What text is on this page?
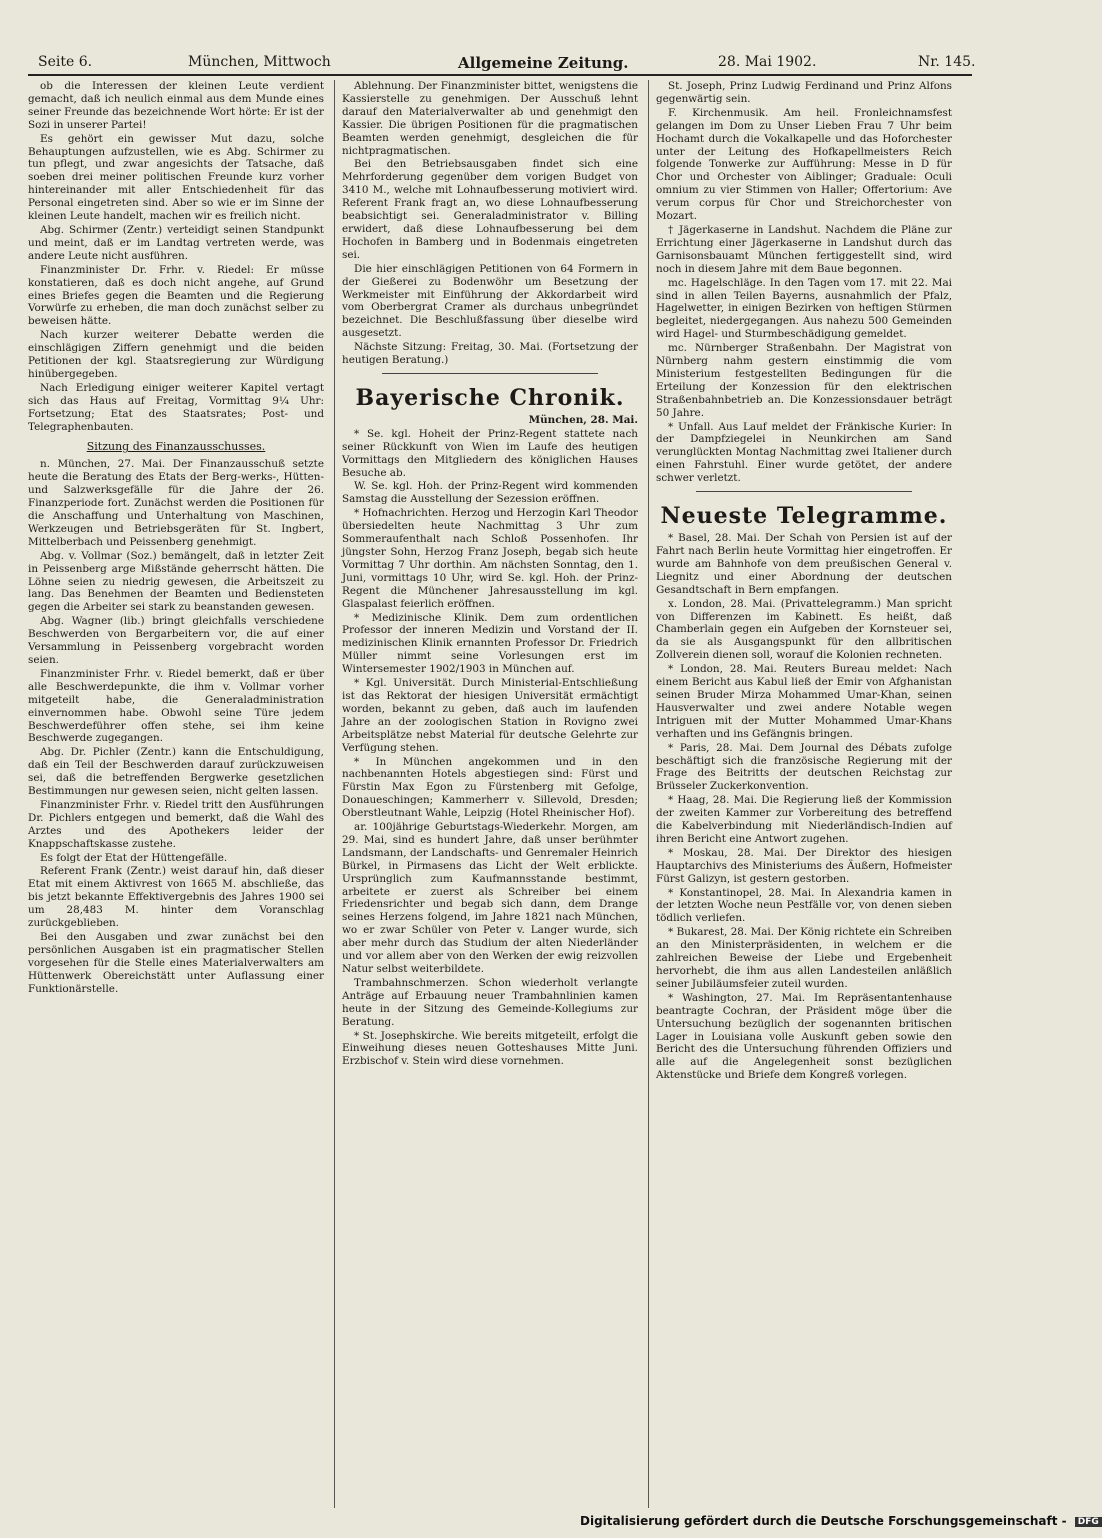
Seite 6.	München, Mittwoch	Allgemeine Zeitung.	28. Mai 1902.	Nr. 145.

ob die Interessen der kleinen Leute verdient gemacht, daß ich neulich einmal aus dem Munde eines seiner Freunde das bezeichnende Wort hörte: Er ist der Sozi in unserer Partei!

Es gehört ein gewisser Mut dazu, solche Behauptungen aufzustellen, wie es Abg. Schirmer zu tun pflegt, und zwar angesichts der Tatsache, daß soeben drei meiner politischen Freunde kurz vorher hintereinander mit aller Entschiedenheit für das Personal eingetreten sind. Aber so wie er im Sinne der kleinen Leute handelt, machen wir es freilich nicht.

Abg. Schirmer (Zentr.) verteidigt seinen Standpunkt und meint, daß er im Landtag vertreten werde, was andere Leute nicht ausführen.

Finanzminister Dr. Frhr. v. Riedel: Er müsse konstatieren, daß es doch nicht angehe, auf Grund eines Briefes gegen die Beamten und die Regierung Vorwürfe zu erheben, die man doch zunächst selber zu beweisen hätte.

Nach kurzer weiterer Debatte werden die einschlägigen Ziffern genehmigt und die beiden Petitionen der kgl. Staatsregierung zur Würdigung hinübergegeben.

Nach Erledigung einiger weiterer Kapitel vertagt sich das Haus auf Freitag, Vormittag 9¼ Uhr: Fortsetzung; Etat des Staatsrates; Post- und Telegraphenbauten.

Sitzung des Finanzausschusses.

n. München, 27. Mai. Der Finanzausschuß setzte heute die Beratung des Etats der Berg-werks-, Hütten- und Salzwerksgefälle für die Jahre der 26. Finanzperiode fort. Zunächst werden die Positionen für die Anschaffung und Unterhaltung von Maschinen, Werkzeugen und Betriebsgeräten für St. Ingbert, Mittelberbach und Peissenberg genehmigt.

Abg. v. Vollmar (Soz.) bemängelt, daß in letzter Zeit in Peissenberg arge Mißstände geherrscht hätten. Die Löhne seien zu niedrig gewesen, die Arbeitszeit zu lang. Das Benehmen der Beamten und Bediensteten gegen die Arbeiter sei stark zu beanstanden gewesen.

Abg. Wagner (lib.) bringt gleichfalls verschiedene Beschwerden von Bergarbeitern vor, die auf einer Versammlung in Peissenberg vorgebracht worden seien.

Finanzminister Frhr. v. Riedel bemerkt, daß er über alle Beschwerdepunkte, die ihm v. Vollmar vorher mitgeteilt habe, die Generaladministration einvernommen habe. Obwohl seine Türe jedem Beschwerdeführer offen stehe, sei ihm keine Beschwerde zugegangen.

Abg. Dr. Pichler (Zentr.) kann die Entschuldigung, daß ein Teil der Beschwerden darauf zurückzuweisen sei, daß die betreffenden Bergwerke gesetzlichen Bestimmungen nur gewesen seien, nicht gelten lassen.

Finanzminister Frhr. v. Riedel tritt den Ausführungen Dr. Pichlers entgegen und bemerkt, daß die Wahl des Arztes und des Apothekers leider der Knappschaftskasse zustehe.

Es folgt der Etat der Hüttengefälle.

Referent Frank (Zentr.) weist darauf hin, daß dieser Etat mit einem Aktivrest von 1665 M. abschließe, das bis jetzt bekannte Effektivergebnis des Jahres 1900 sei um 28,483 M. hinter dem Voranschlag zurückgeblieben.

Bei den Ausgaben und zwar zunächst bei den persönlichen Ausgaben ist ein pragmatischer Stellen vorgesehen für die Stelle eines Materialverwalters am Hüttenwerk Obereichstätt unter Auflassung einer Funktionärstelle.

Ablehnung. Der Finanzminister bittet, wenigstens die Kassierstelle zu genehmigen. Der Ausschuß lehnt darauf den Materialverwalter ab und genehmigt den Kassier. Die übrigen Positionen für die pragmatischen Beamten werden genehmigt, desgleichen die für nichtpragmatischen.

Bei den Betriebsausgaben findet sich eine Mehrforderung gegenüber dem vorigen Budget von 3410 M., welche mit Lohnaufbesserung motiviert wird. Referent Frank fragt an, wo diese Lohnaufbesserung beabsichtigt sei. Generaladministrator v. Billing erwidert, daß diese Lohnaufbesserung bei dem Hochofen in Bamberg und in Bodenmais eingetreten sei.

Die hier einschlägigen Petitionen von 64 Formern in der Gießerei zu Bodenwöhr um Besetzung der Werkmeister mit Einführung der Akkordarbeit wird vom Oberbergrat Cramer als durchaus unbegründet bezeichnet. Die Beschlußfassung über dieselbe wird ausgesetzt.

Nächste Sitzung: Freitag, 30. Mai. (Fortsetzung der heutigen Beratung.)

Bayerische Chronik.

München, 28. Mai.

* Se. kgl. Hoheit der Prinz-Regent stattete nach seiner Rückkunft von Wien im Laufe des heutigen Vormittags den Mitgliedern des königlichen Hauses Besuche ab.

W. Se. kgl. Hoh. der Prinz-Regent wird kommenden Samstag die Ausstellung der Sezession eröffnen.

* Hofnachrichten. Herzog und Herzogin Karl Theodor übersiedelten heute Nachmittag 3 Uhr zum Sommeraufenthalt nach Schloß Possenhofen. Ihr jüngster Sohn, Herzog Franz Joseph, begab sich heute Vormittag 7 Uhr dorthin. Am nächsten Sonntag, den 1. Juni, vormittags 10 Uhr, wird Se. kgl. Hoh. der Prinz-Regent die Münchener Jahresausstellung im kgl. Glaspalast feierlich eröffnen.

* Medizinische Klinik. Dem zum ordentlichen Professor der inneren Medizin und Vorstand der II. medizinischen Klinik ernannten Professor Dr. Friedrich Müller nimmt seine Vorlesungen erst im Wintersemester 1902/1903 in München auf.

* Kgl. Universität. Durch Ministerial-Entschließung ist das Rektorat der hiesigen Universität ermächtigt worden, bekannt zu geben, daß auch im laufenden Jahre an der zoologischen Station in Rovigno zwei Arbeitsplätze nebst Material für deutsche Gelehrte zur Verfügung stehen.

* In München angekommen und in den nachbenannten Hotels abgestiegen sind: Fürst und Fürstin Max Egon zu Fürstenberg mit Gefolge, Donaueschingen; Kammerherr v. Sillevold, Dresden; Oberstleutnant Wahle, Leipzig (Hotel Rheinischer Hof).

ar. 100jährige Geburtstags-Wiederkehr. Morgen, am 29. Mai, sind es hundert Jahre, daß unser berühmter Landsmann, der Landschafts- und Genremaler Heinrich Bürkel, in Pirmasens das Licht der Welt erblickte. Ursprünglich zum Kaufmannsstande bestimmt, arbeitete er zuerst als Schreiber bei einem Friedensrichter und begab sich dann, dem Drange seines Herzens folgend, im Jahre 1821 nach München, wo er zwar Schüler von Peter v. Langer wurde, sich aber mehr durch das Studium der alten Niederländer und vor allem aber von den Werken der ewig reizvollen Natur selbst weiterbildete.

Trambahnschmerzen. Schon wiederholt verlangte Anträge auf Erbauung neuer Trambahnlinien kamen heute in der Sitzung des Gemeinde-Kollegiums zur Beratung.

* St. Josephskirche. Wie bereits mitgeteilt, erfolgt die Einweihung dieses neuen Gotteshauses Mitte Juni. Erzbischof v. Stein wird diese vornehmen.

St. Joseph, Prinz Ludwig Ferdinand und Prinz Alfons gegenwärtig sein.

F. Kirchenmusik. Am heil. Fronleichnamsfest gelangen im Dom zu Unser Lieben Frau 7 Uhr beim Hochamt durch die Vokalkapelle und das Hoforchester unter der Leitung des Hofkapellmeisters Reich folgende Tonwerke zur Aufführung: Messe in D für Chor und Orchester von Aiblinger; Graduale: Oculi omnium zu vier Stimmen von Haller; Offertorium: Ave verum corpus für Chor und Streichorchester von Mozart.

† Jägerkaserne in Landshut. Nachdem die Pläne zur Errichtung einer Jägerkaserne in Landshut durch das Garnisonsbauamt München fertiggestellt sind, wird noch in diesem Jahre mit dem Baue begonnen.

mc. Hagelschläge. In den Tagen vom 17. mit 22. Mai sind in allen Teilen Bayerns, ausnahmlich der Pfalz, Hagelwetter, in einigen Bezirken von heftigen Stürmen begleitet, niedergegangen. Aus nahezu 500 Gemeinden wird Hagel- und Sturmbeschädigung gemeldet.

mc. Nürnberger Straßenbahn. Der Magistrat von Nürnberg nahm gestern einstimmig die vom Ministerium festgestellten Bedingungen für die Erteilung der Konzession für den elektrischen Straßenbahnbetrieb an. Die Konzessionsdauer beträgt 50 Jahre.

* Unfall. Aus Lauf meldet der Fränkische Kurier: In der Dampfziegelei in Neunkirchen am Sand verunglückten Montag Nachmittag zwei Italiener durch einen Fahrstuhl. Einer wurde getötet, der andere schwer verletzt.

Neueste Telegramme.

* Basel, 28. Mai. Der Schah von Persien ist auf der Fahrt nach Berlin heute Vormittag hier eingetroffen. Er wurde am Bahnhofe von dem preußischen General v. Liegnitz und einer Abordnung der deutschen Gesandtschaft in Bern empfangen.

x. London, 28. Mai. (Privattelegramm.) Man spricht von Differenzen im Kabinett. Es heißt, daß Chamberlain gegen ein Aufgeben der Kornsteuer sei, da sie als Ausgangspunkt für den allbritischen Zollverein dienen soll, worauf die Kolonien rechneten.

* London, 28. Mai. Reuters Bureau meldet: Nach einem Bericht aus Kabul ließ der Emir von Afghanistan seinen Bruder Mirza Mohammed Umar-Khan, seinen Hausverwalter und zwei andere Notable wegen Intriguen mit der Mutter Mohammed Umar-Khans verhaften und ins Gefängnis bringen.

* Paris, 28. Mai. Dem Journal des Débats zufolge beschäftigt sich die französische Regierung mit der Frage des Beitritts der deutschen Reichstag zur Brüsseler Zuckerkonvention.

* Haag, 28. Mai. Die Regierung ließ der Kommission der zweiten Kammer zur Vorbereitung des betreffend die Kabelverbindung mit Niederländisch-Indien auf ihren Bericht eine Antwort zugehen.

* Moskau, 28. Mai. Der Direktor des hiesigen Hauptarchivs des Ministeriums des Äußern, Hofmeister Fürst Galizyn, ist gestern gestorben.

* Konstantinopel, 28. Mai. In Alexandria kamen in der letzten Woche neun Pestfälle vor, von denen sieben tödlich verliefen.

* Bukarest, 28. Mai. Der König richtete ein Schreiben an den Ministerpräsidenten, in welchem er die zahlreichen Beweise der Liebe und Ergebenheit hervorhebt, die ihm aus allen Landesteilen anläßlich seiner Jubiläumsfeier zuteil wurden.

* Washington, 27. Mai. Im Repräsentantenhause beantragte Cochran, der Präsident möge über die Untersuchung bezüglich der sogenannten britischen Lager in Louisiana volle Auskunft geben sowie den Bericht des die Untersuchung führenden Offiziers und alle auf die Angelegenheit sonst bezüglichen Aktenstücke und Briefe dem Kongreß vorlegen.

Digitalisierung gefördert durch die Deutsche Forschungsgemeinschaft - DFG
